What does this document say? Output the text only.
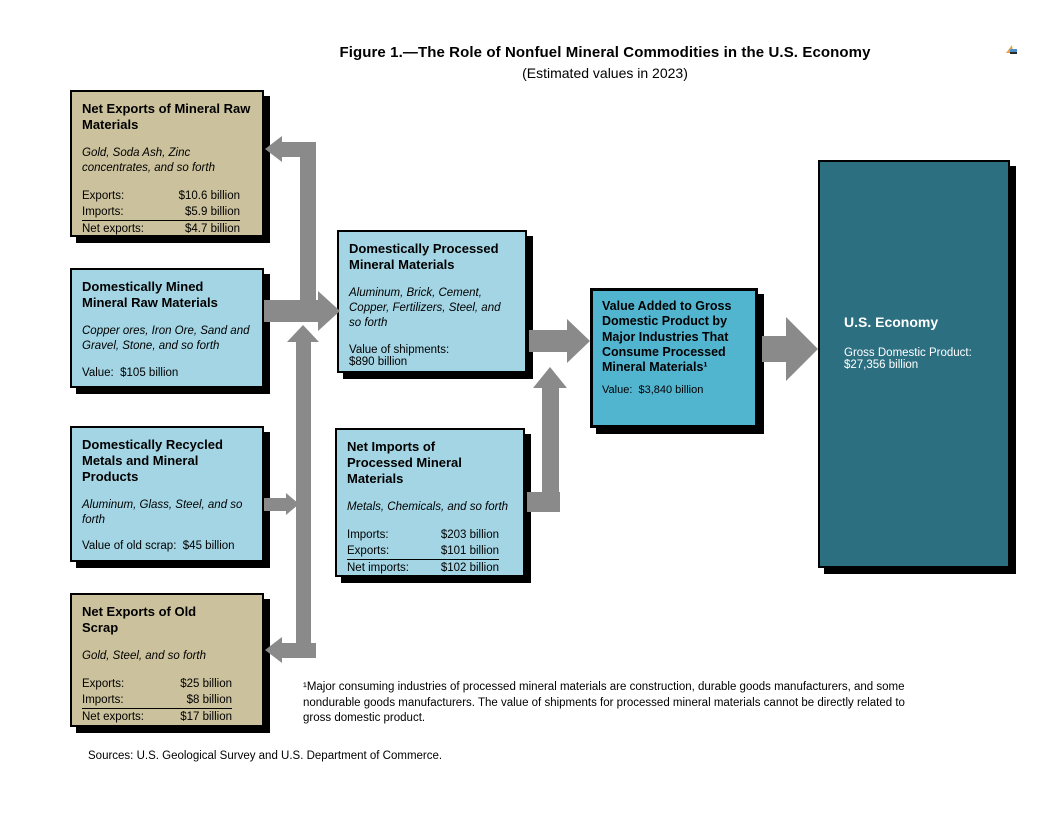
Figure 1.—The Role of Nonfuel Mineral Commodities in the U.S. Economy
(Estimated values in 2023)
Net Exports of Mineral Raw Materials
Gold, Soda Ash, Zinc concentrates, and so forth
Exports:	$10.6 billion
Imports:	$5.9 billion
Net exports:	$4.7 billion
Domestically Mined Mineral Raw Materials
Copper ores, Iron Ore, Sand and Gravel, Stone, and so forth
Value:  $105 billion
Domestically Recycled Metals and Mineral Products
Aluminum, Glass, Steel, and so forth
Value of old scrap:  $45 billion
Net Exports of Old Scrap
Gold, Steel, and so forth
Exports:	$25 billion
Imports:	$8 billion
Net exports:	$17 billion
Domestically Processed Mineral Materials
Aluminum, Brick, Cement, Copper, Fertilizers, Steel, and so forth
Value of shipments:
$890 billion
Net Imports of Processed Mineral Materials
Metals, Chemicals, and so forth
Imports:	$203 billion
Exports:	$101 billion
Net imports:	$102 billion
Value Added to Gross Domestic Product by Major Industries That Consume Processed Mineral Materials¹
Value:  $3,840 billion
U.S. Economy
Gross Domestic Product:
$27,356 billion
¹Major consuming industries of processed mineral materials are construction, durable goods manufacturers, and some nondurable goods manufacturers. The value of shipments for processed mineral materials cannot be directly related to gross domestic product.
Sources: U.S. Geological Survey and U.S. Department of Commerce.
